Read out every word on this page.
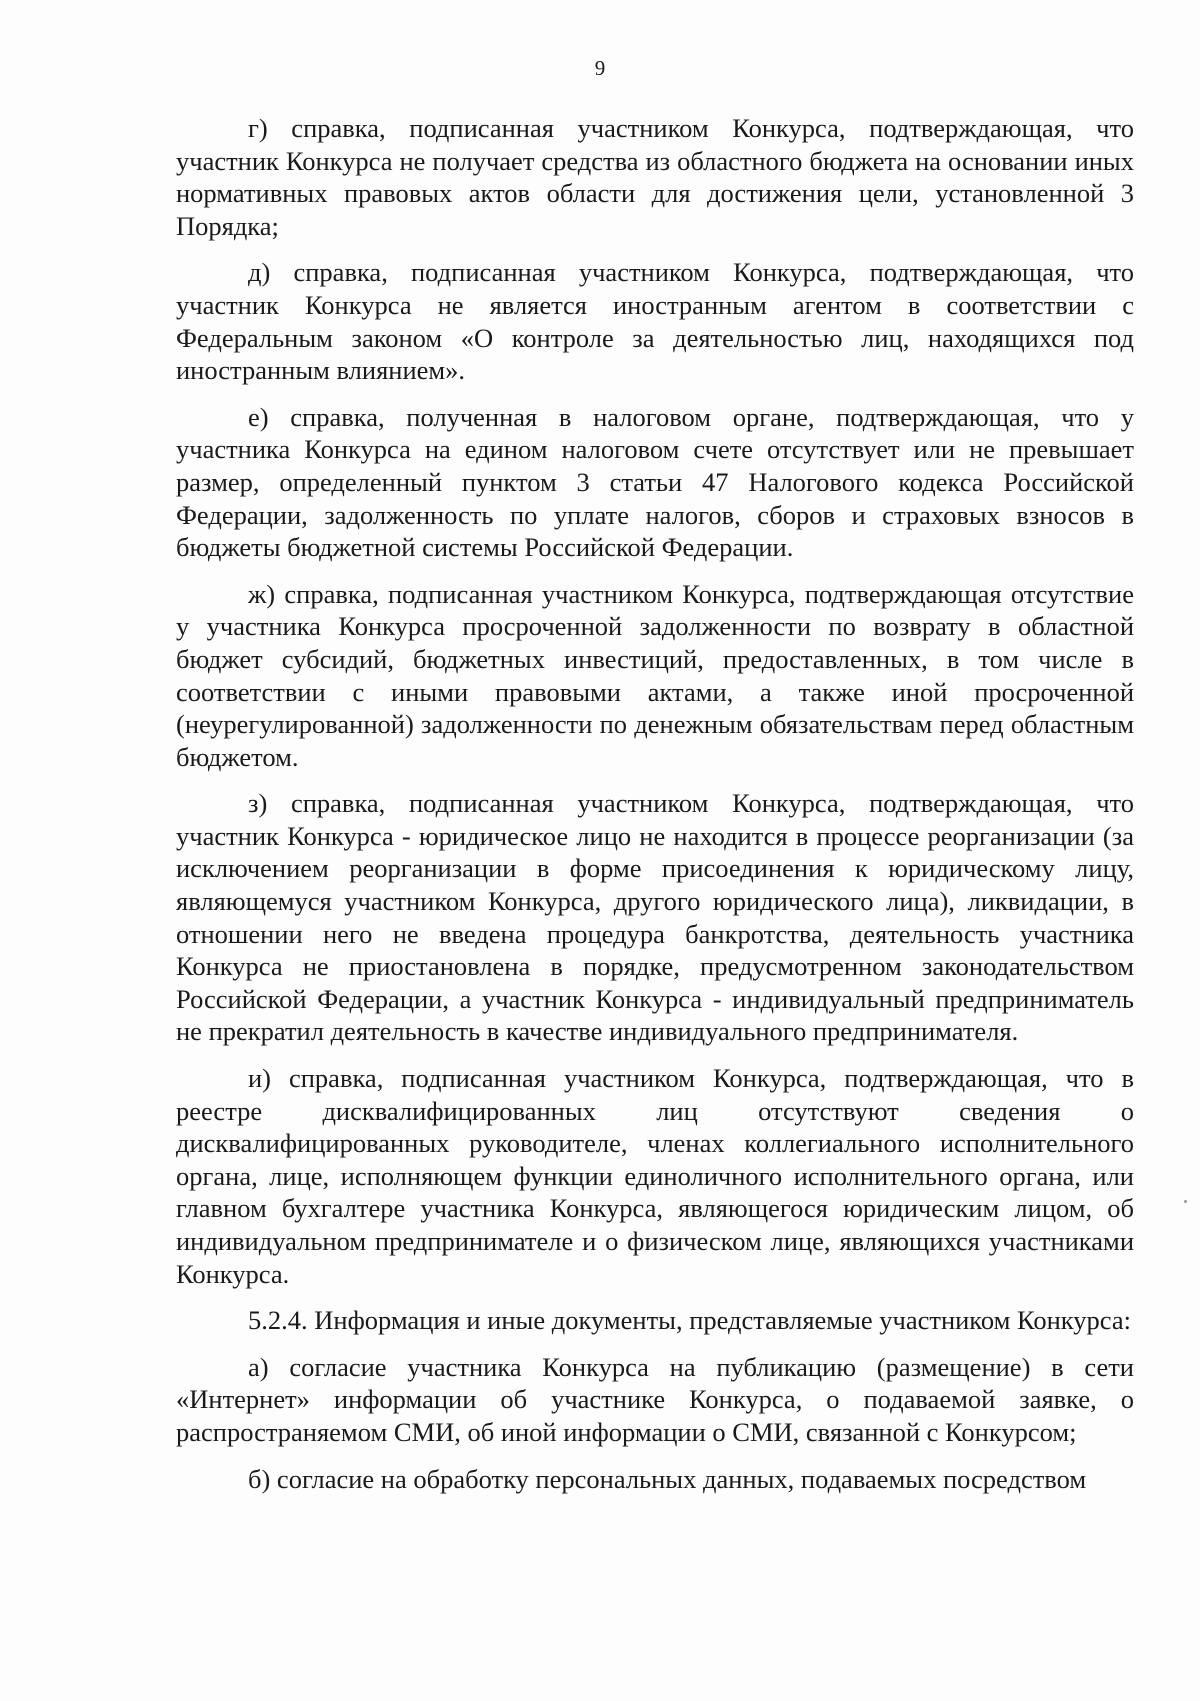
9

г) справка, подписанная участником Конкурса, подтверждающая, что участник Конкурса не получает средства из областного бюджета на основании иных нормативных правовых актов области для достижения цели, установленной 3 Порядка;

д) справка, подписанная участником Конкурса, подтверждающая, что участник Конкурса не является иностранным агентом в соответствии с Федеральным законом «О контроле за деятельностью лиц, находящихся под иностранным влиянием».

е) справка, полученная в налоговом органе, подтверждающая, что у участника Конкурса на едином налоговом счете отсутствует или не превышает размер, определенный пунктом 3 статьи 47 Налогового кодекса Российской Федерации, задолженность по уплате налогов, сборов и страховых взносов в бюджеты бюджетной системы Российской Федерации.

ж) справка, подписанная участником Конкурса, подтверждающая отсутствие у участника Конкурса просроченной задолженности по возврату в областной бюджет субсидий, бюджетных инвестиций, предоставленных, в том числе в соответствии с иными правовыми актами, а также иной просроченной (неурегулированной) задолженности по денежным обязательствам перед областным бюджетом.

з) справка, подписанная участником Конкурса, подтверждающая, что участник Конкурса - юридическое лицо не находится в процессе реорганизации (за исключением реорганизации в форме присоединения к юридическому лицу, являющемуся участником Конкурса, другого юридического лица), ликвидации, в отношении него не введена процедура банкротства, деятельность участника Конкурса не приостановлена в порядке, предусмотренном законодательством Российской Федерации, а участник Конкурса - индивидуальный предприниматель не прекратил деятельность в качестве индивидуального предпринимателя.

и) справка, подписанная участником Конкурса, подтверждающая, что в реестре дисквалифицированных лиц отсутствуют сведения о дисквалифицированных руководителе, членах коллегиального исполнительного органа, лице, исполняющем функции единоличного исполнительного органа, или главном бухгалтере участника Конкурса, являющегося юридическим лицом, об индивидуальном предпринимателе и о физическом лице, являющихся участниками Конкурса.

5.2.4. Информация и иные документы, представляемые участником Конкурса:

а) согласие участника Конкурса на публикацию (размещение) в сети «Интернет» информации об участнике Конкурса, о подаваемой заявке, о распространяемом СМИ, об иной информации о СМИ, связанной с Конкурсом;

б) согласие на обработку персональных данных, подаваемых посредством
